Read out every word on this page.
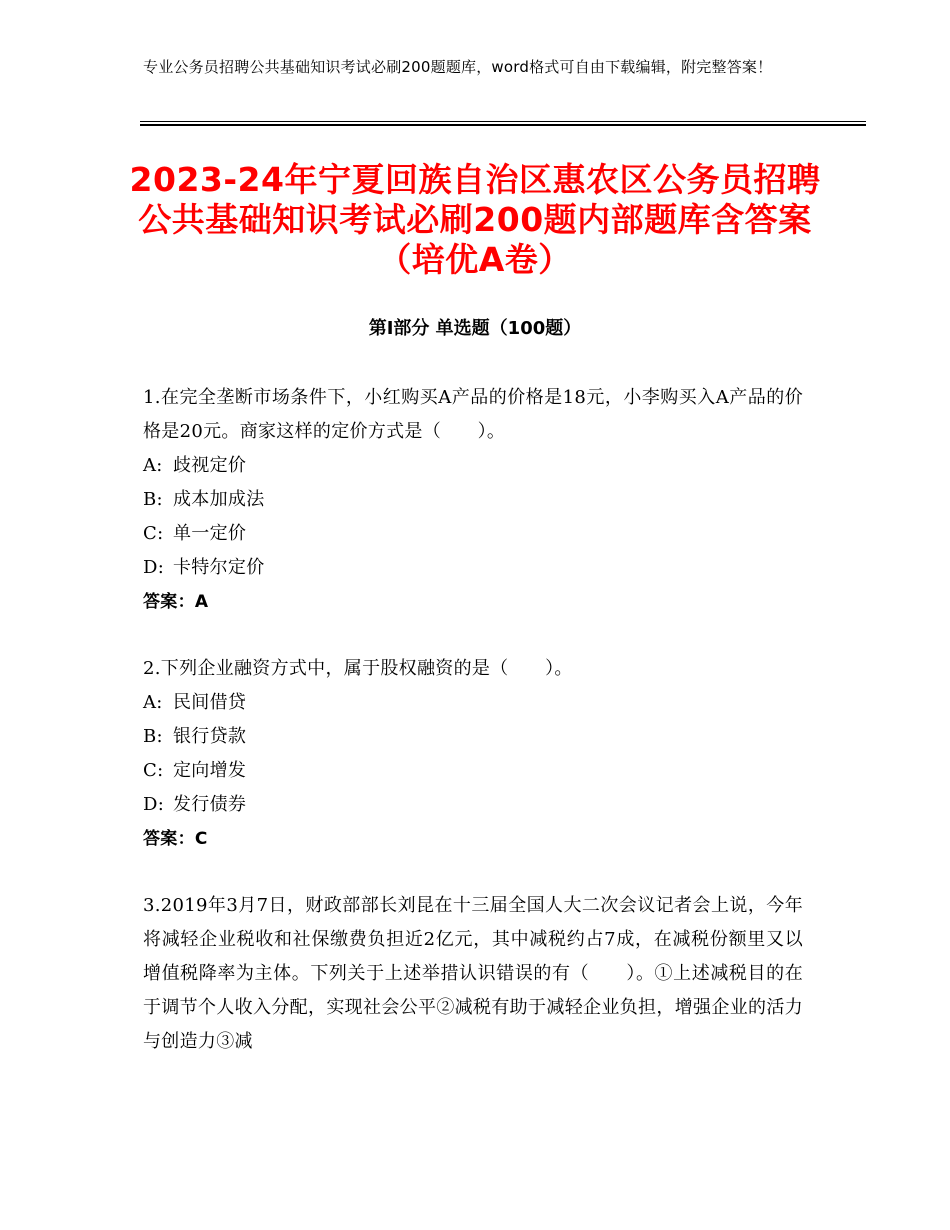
专业公务员招聘公共基础知识考试必刷200题题库，word格式可自由下载编辑，附完整答案！
2023-24年宁夏回族自治区惠农区公务员招聘公共基础知识考试必刷200题内部题库含答案（培优A卷）
第Ⅰ部分 单选题（100题）

1.在完全垄断市场条件下，小红购买A产品的价格是18元，小李购买入A产品的价格是20元。商家这样的定价方式是（　　）。

A: 歧视定价

B: 成本加成法

C: 单一定价

D: 卡特尔定价

答案：A

2.下列企业融资方式中，属于股权融资的是（　　）。

A: 民间借贷

B: 银行贷款

C: 定向增发

D: 发行债券

答案：C

3.2019年3月7日，财政部部长刘昆在十三届全国人大二次会议记者会上说，今年将减轻企业税收和社保缴费负担近2亿元，其中减税约占7成，在减税份额里又以增值税降率为主体。下列关于上述举措认识错误的有（　　）。①上述减税目的在于调节个人收入分配，实现社会公平②减税有助于减轻企业负担，增强企业的活力与创造力③减
